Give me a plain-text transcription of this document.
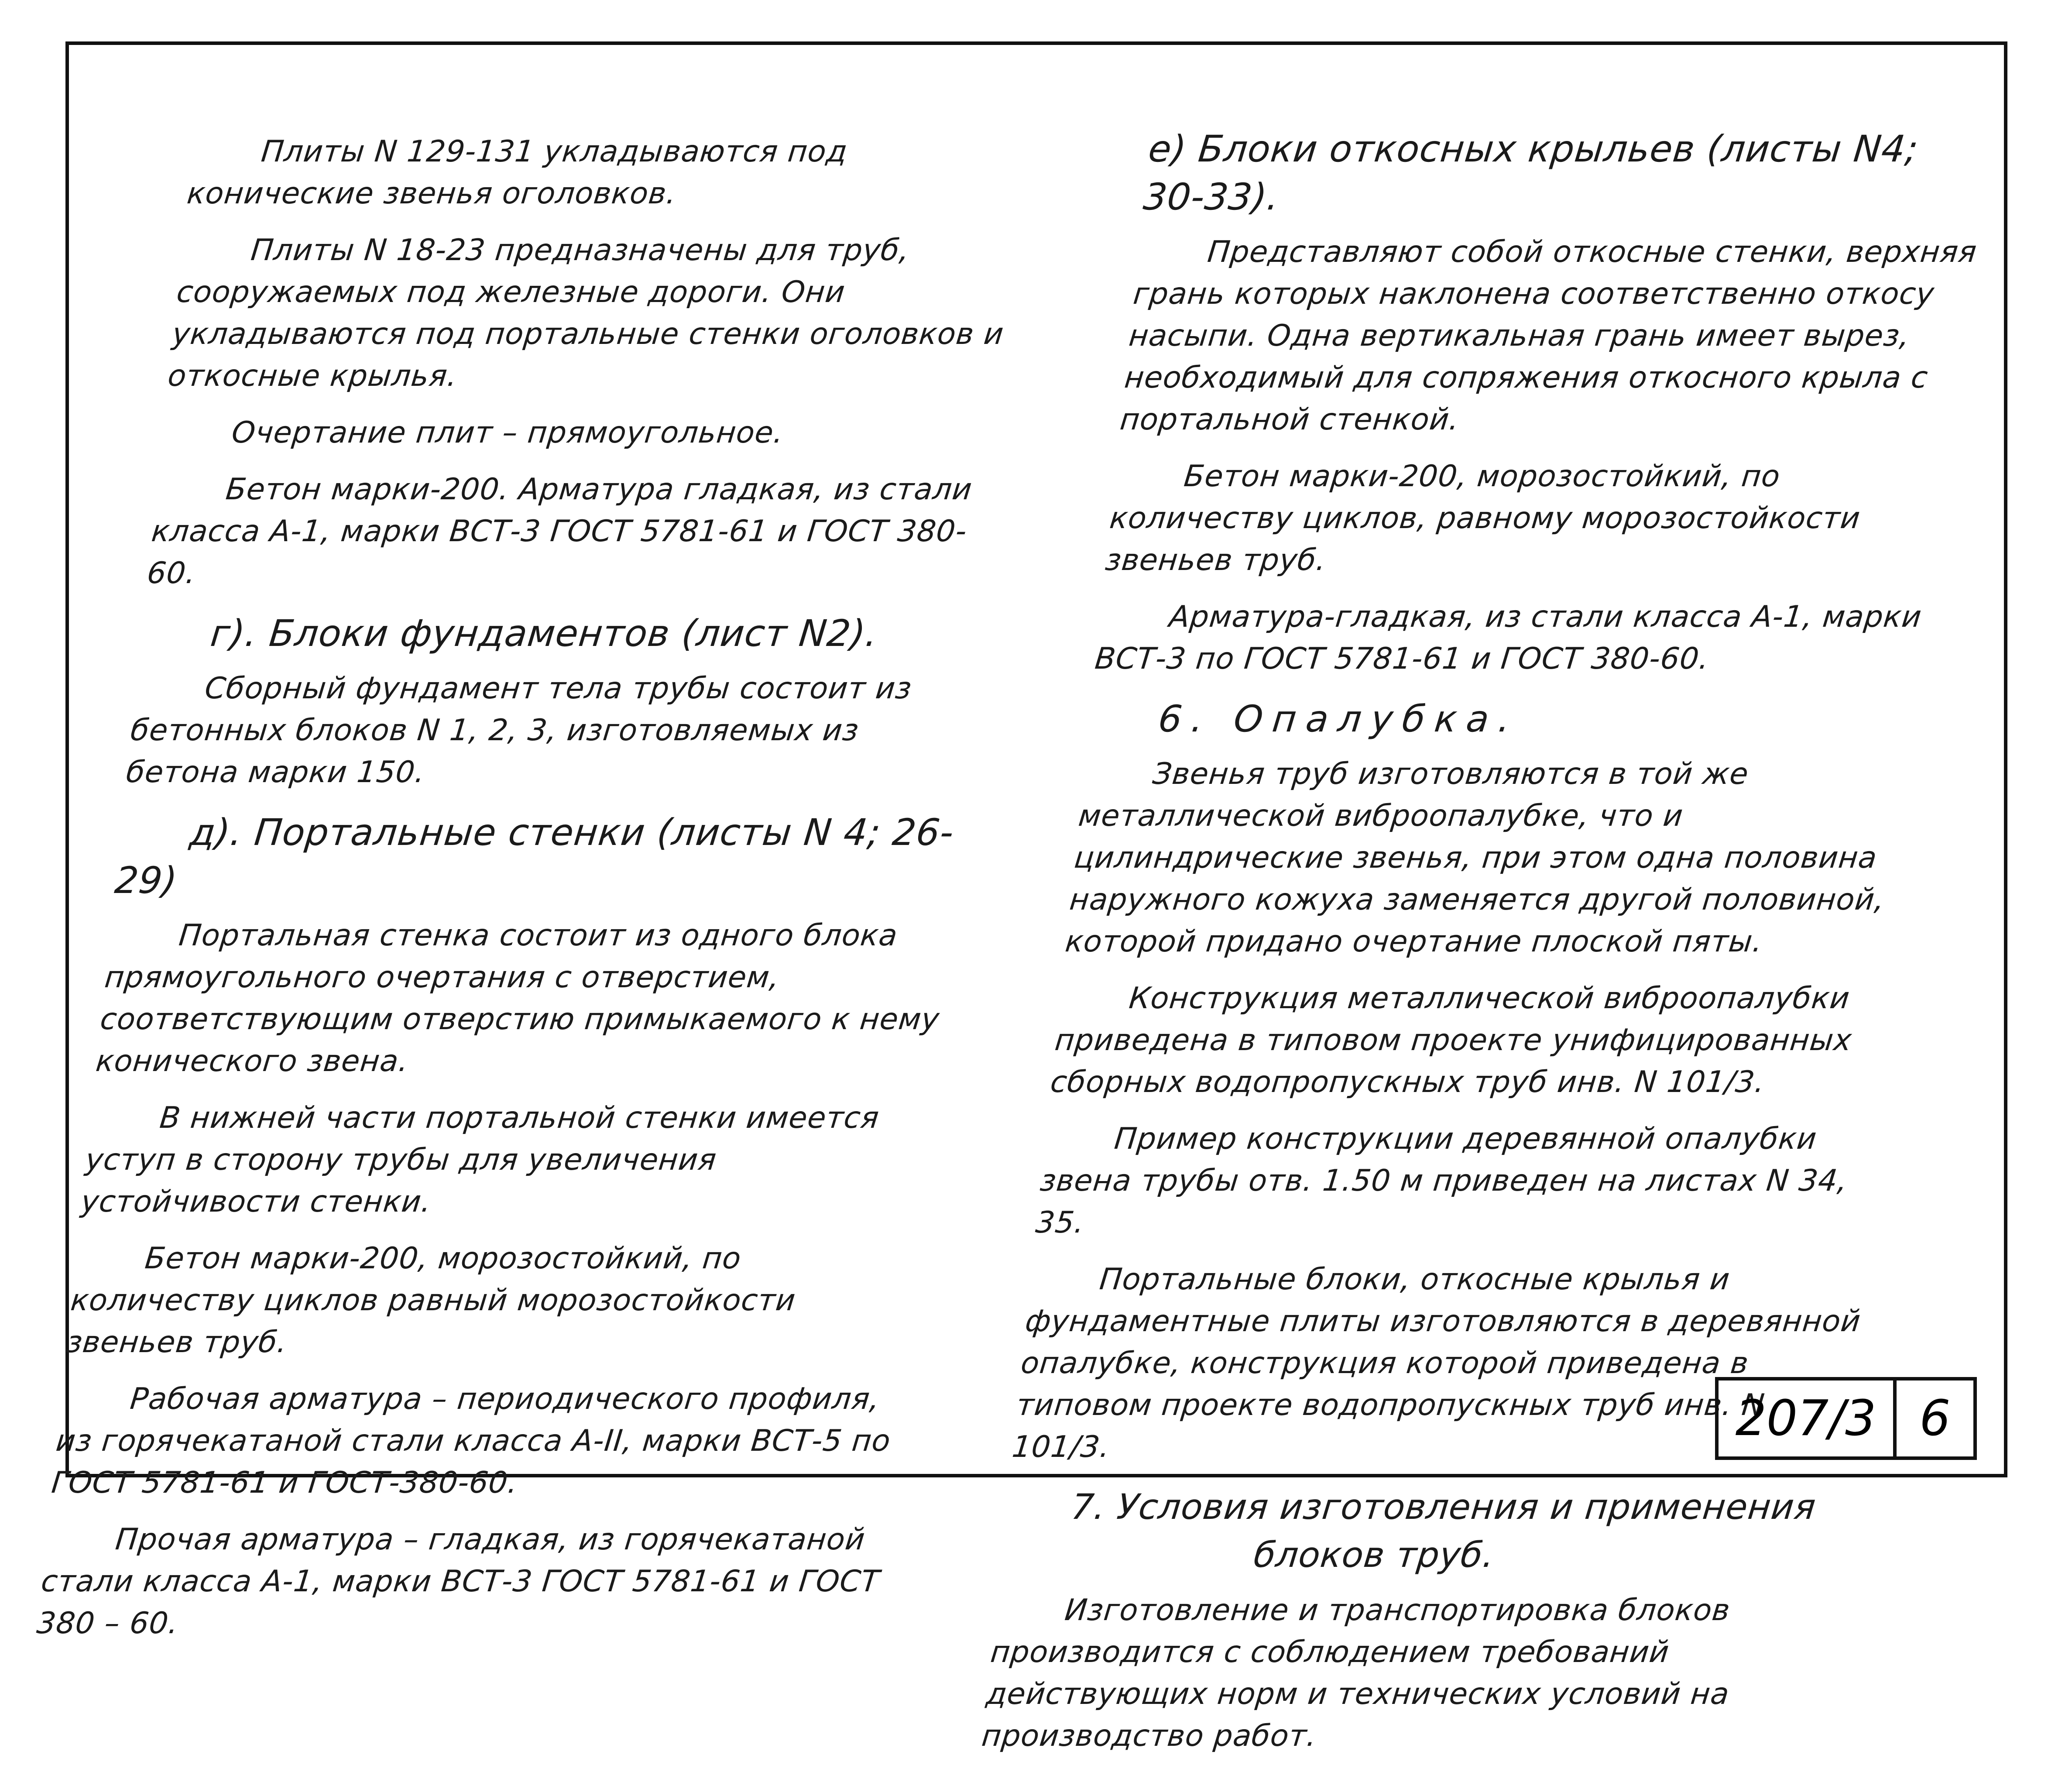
Плиты N 129-131 укладываются под конические звенья оголовков.

Плиты N 18-23 предназначены для труб, сооружаемых под железные дороги. Они укладываются под портальные стенки оголовков и откосные крылья.

Очертание плит – прямоугольное.

Бетон марки-200. Арматура гладкая, из стали класса А-1, марки ВСТ-3 ГОСТ 5781-61 и ГОСТ 380-60.

г). Блоки фундаментов (лист N2).

Сборный фундамент тела трубы состоит из бетонных блоков N 1, 2, 3, изготовляемых из бетона марки 150.

д). Портальные стенки (листы N 4; 26-29)

Портальная стенка состоит из одного блока прямоугольного очертания с отверстием, соответствующим отверстию примыкаемого к нему конического звена.

В нижней части портальной стенки имеется уступ в сторону трубы для увеличения устойчивости стенки.

Бетон марки-200, морозостойкий, по количеству циклов равный морозостойкости звеньев труб.

Рабочая арматура – периодического профиля, из горячекатаной стали класса А-II, марки ВСТ-5 по ГОСТ 5781-61 и ГОСТ-380-60.

Прочая арматура – гладкая, из горячекатаной стали класса А-1, марки ВСТ-3 ГОСТ 5781-61 и ГОСТ 380 – 60.

е) Блоки откосных крыльев (листы N4; 30-33).

Представляют собой откосные стенки, верхняя грань которых наклонена соответственно откосу насыпи. Одна вертикальная грань имеет вырез, необходимый для сопряжения откосного крыла с портальной стенкой.

Бетон марки-200, морозостойкий, по количеству циклов, равному морозостойкости звеньев труб.

Арматура-гладкая, из стали класса А-1, марки ВСТ-3 по ГОСТ 5781-61 и ГОСТ 380-60.

6. Опалубка.

Звенья труб изготовляются в той же металлической виброопалубке, что и цилиндрические звенья, при этом одна половина наружного кожуха заменяется другой половиной, которой придано очертание плоской пяты.

Конструкция металлической виброопалубки приведена в типовом проекте унифицированных сборных водопропускных труб инв. N 101/3.

Пример конструкции деревянной опалубки звена трубы отв. 1.50 м приведен на листах N 34, 35.

Портальные блоки, откосные крылья и фундаментные плиты изготовляются в деревянной опалубке, конструкция которой приведена в типовом проекте водопропускных труб инв. N 101/3.

7. Условия изготовления и применения
блоков труб.

Изготовление и транспортировка блоков производится с соблюдением требований действующих норм и технических условий на производство работ.

207/3 6
